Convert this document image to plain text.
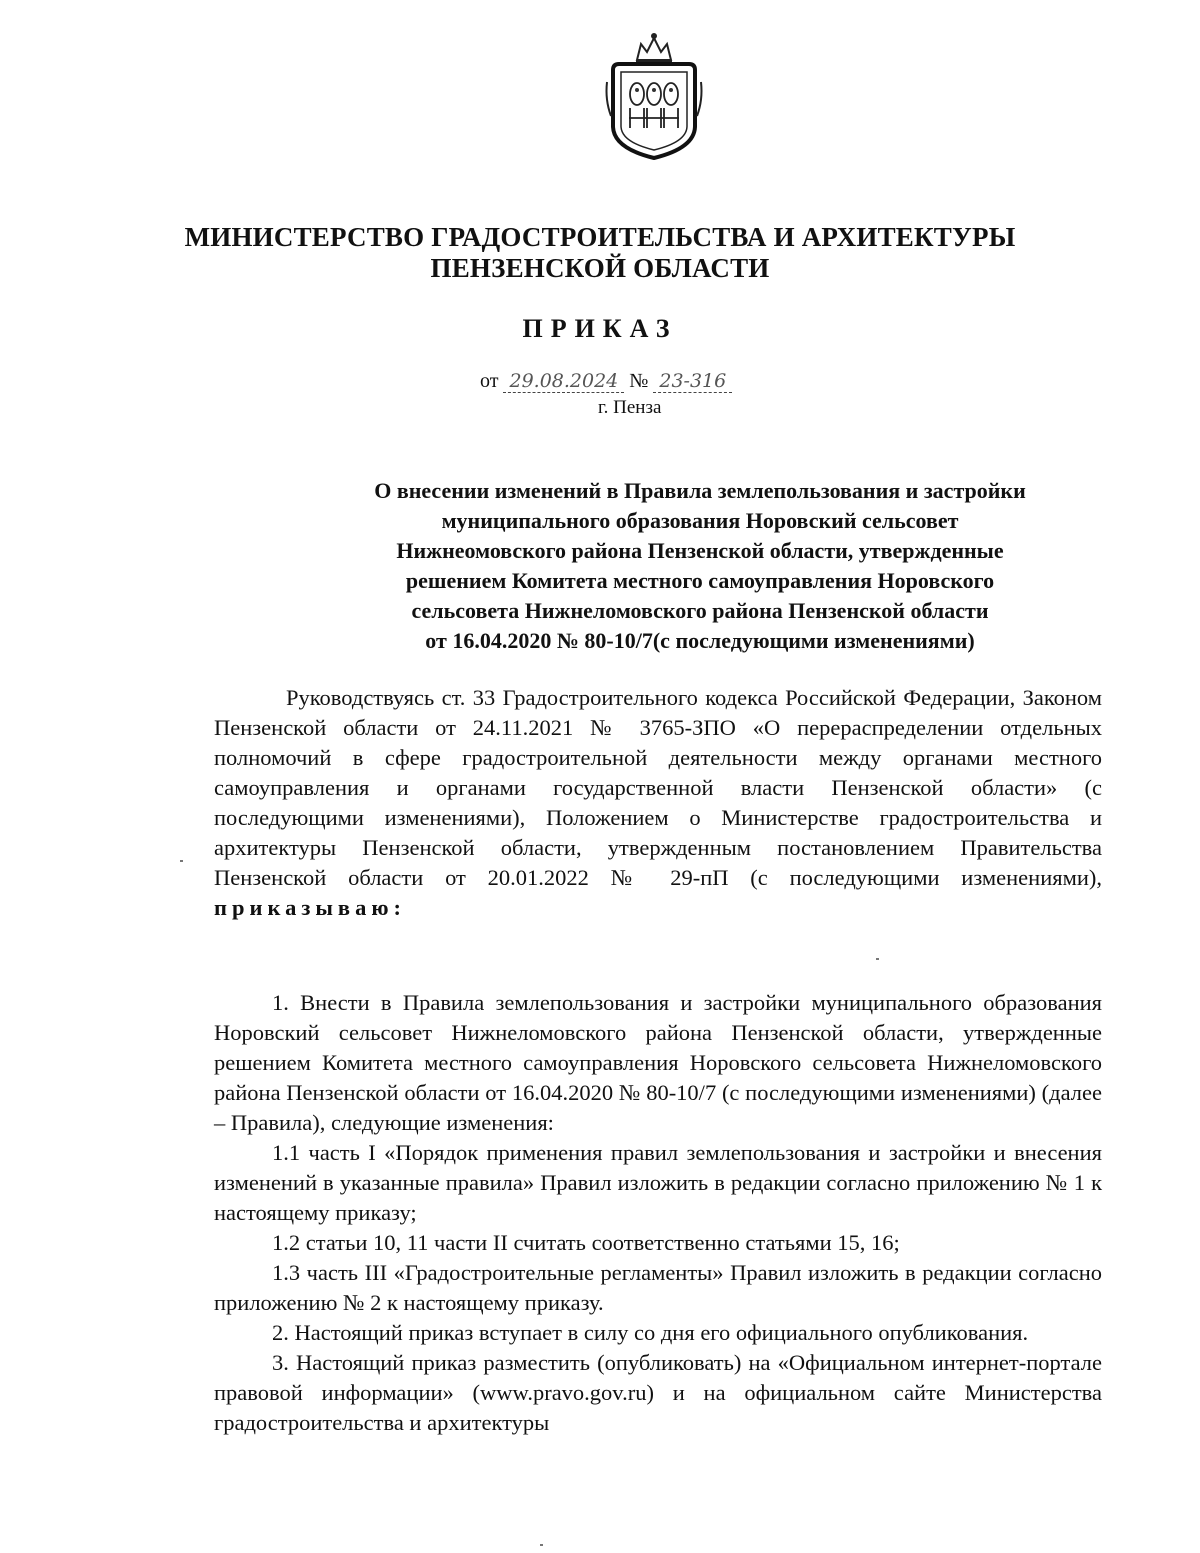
МИНИСТЕРСТВО ГРАДОСТРОИТЕЛЬСТВА И АРХИТЕКТУРЫ
ПЕНЗЕНСКОЙ ОБЛАСТИ
ПРИКАЗ
от 29.08.2024 № 23-316
г. Пенза
О внесении изменений в Правила землепользования и застройки
муниципального образования Норовский сельсовет
Нижнеомовского района Пензенской области, утвержденные
решением Комитета местного самоуправления Норовского
сельсовета Нижнеломовского района Пензенской области
от 16.04.2020 № 80-10/7(с последующими изменениями)
Руководствуясь ст. 33 Градостроительного кодекса Российской Федерации, Законом Пензенской области от 24.11.2021 № 3765-ЗПО «О перераспределении отдельных полномочий в сфере градостроительной деятельности между органами местного самоуправления и органами государственной власти Пензенской области» (с последующими изменениями), Положением о Министерстве градостроительства и архитектуры Пензенской области, утвержденным постановлением Правительства Пензенской области от 20.01.2022 № 29-пП (с последующими изменениями), приказываю:

1. Внести в Правила землепользования и застройки муниципального образования Норовский сельсовет Нижнеломовского района Пензенской области, утвержденные решением Комитета местного самоуправления Норовского сельсовета Нижнеломовского района Пензенской области от 16.04.2020 № 80-10/7 (с последующими изменениями) (далее – Правила), следующие изменения:

1.1 часть I «Порядок применения правил землепользования и застройки и внесения изменений в указанные правила» Правил изложить в редакции согласно приложению № 1 к настоящему приказу;

1.2 статьи 10, 11 части II считать соответственно статьями 15, 16;

1.3 часть III «Градостроительные регламенты» Правил изложить в редакции согласно приложению № 2 к настоящему приказу.

2. Настоящий приказ вступает в силу со дня его официального опубликования.

3. Настоящий приказ разместить (опубликовать) на «Официальном интернет-портале правовой информации» (www.pravo.gov.ru) и на официальном сайте Министерства градостроительства и архитектуры
